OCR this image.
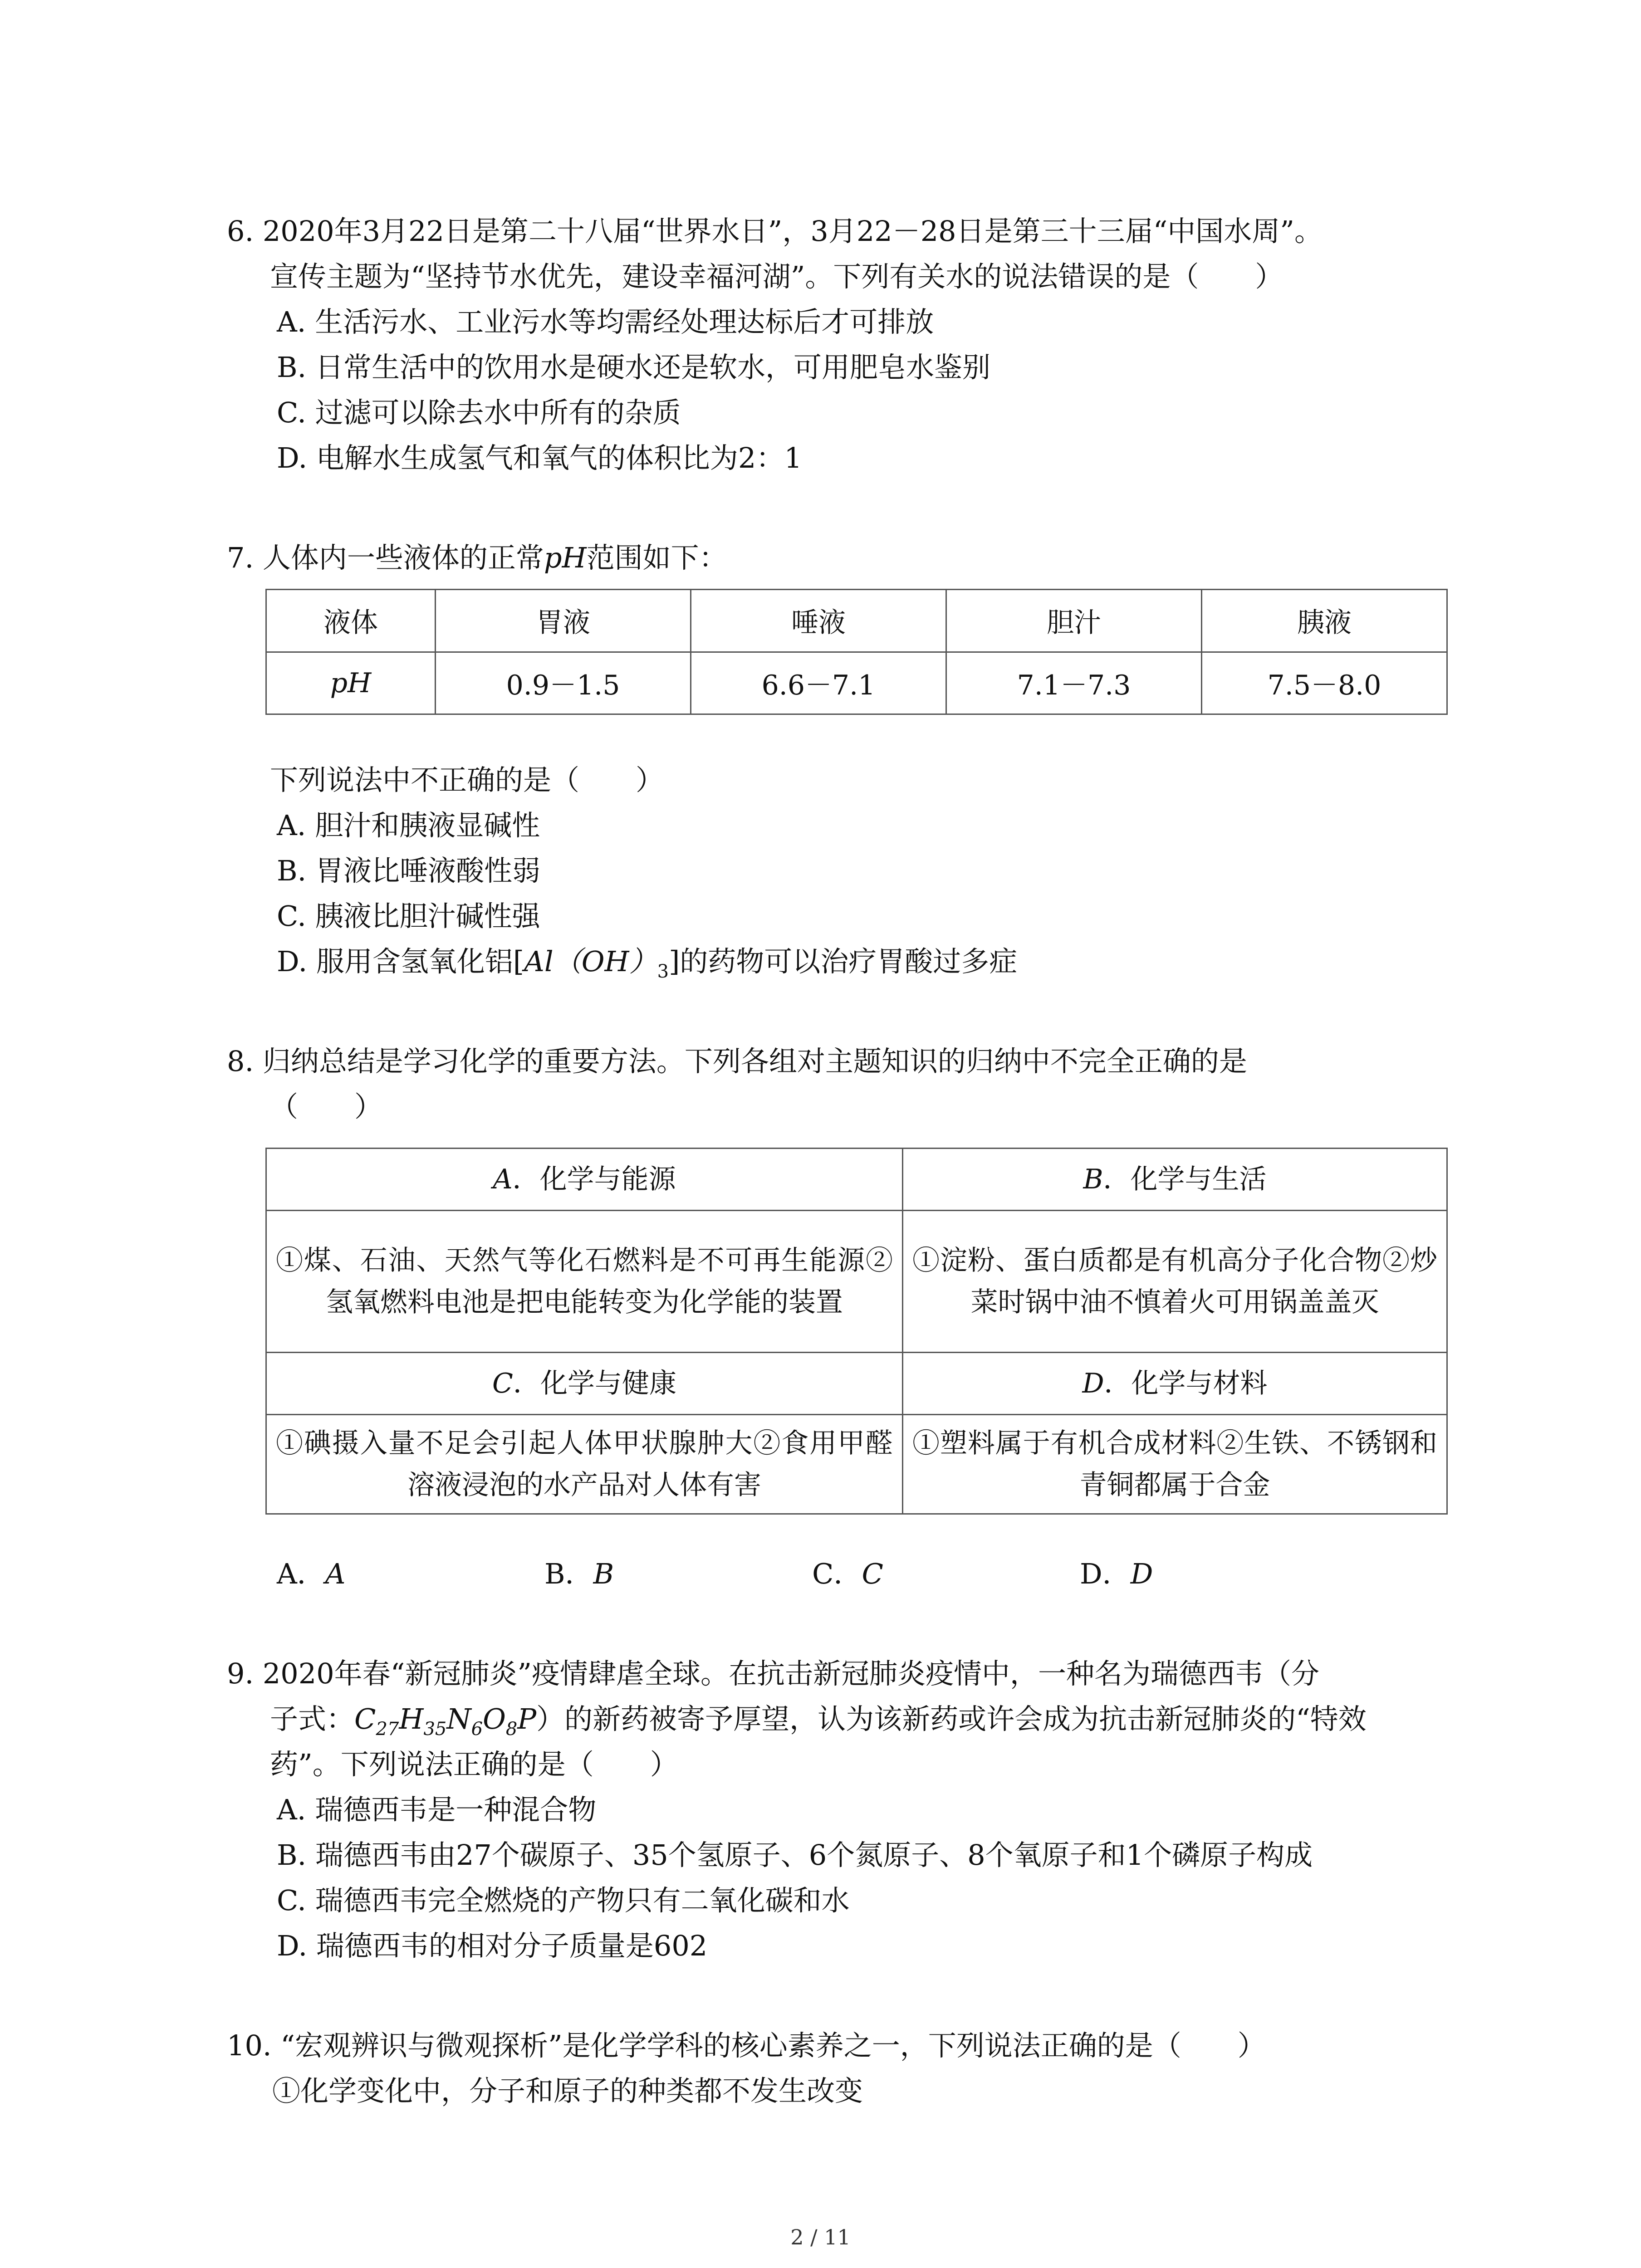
6. 2020年3月22日是第二十八届“世界水日”，3月22－28日是第三十三届“中国水周”。
宣传主题为“坚持节水优先，建设幸福河湖”。下列有关水的说法错误的是（　　）
A. 生活污水、工业污水等均需经处理达标后才可排放
B. 日常生活中的饮用水是硬水还是软水，可用肥皂水鉴别
C. 过滤可以除去水中所有的杂质
D. 电解水生成氢气和氧气的体积比为2：1
7. 人体内一些液体的正常pH范围如下：
液体	胃液	唾液	胆汁	胰液
pH	0.9－1.5	6.6－7.1	7.1－7.3	7.5－8.0
下列说法中不正确的是（　　）
A. 胆汁和胰液显碱性
B. 胃液比唾液酸性弱
C. 胰液比胆汁碱性强
D. 服用含氢氧化铝$[Al(OH)_3]$的药物可以治疗胃酸过多症
8. 归纳总结是学习化学的重要方法。下列各组对主题知识的归纳中不完全正确的是
（　　）
A．化学与能源	B．化学与生活
①煤、石油、天然气等化石燃料是不可再生能源②氢氧燃料电池是把电能转变为化学能的装置	①淀粉、蛋白质都是有机高分子化合物②炒菜时锅中油不慎着火可用锅盖盖灭
C．化学与健康	D．化学与材料
①碘摄入量不足会引起人体甲状腺肿大②食用甲醛溶液浸泡的水产品对人体有害	①塑料属于有机合成材料②生铁、不锈钢和青铜都属于合金
A．A	B．B	C．C	D．D
9. 2020年春“新冠肺炎”疫情肆虐全球。在抗击新冠肺炎疫情中，一种名为瑞德西韦（分
子式：$C_{27}H_{35}N_6O_8P$）的新药被寄予厚望，认为该新药或许会成为抗击新冠肺炎的“特效
药”。下列说法正确的是（　　）
A. 瑞德西韦是一种混合物
B. 瑞德西韦由27个碳原子、35个氢原子、6个氮原子、8个氧原子和1个磷原子构成
C. 瑞德西韦完全燃烧的产物只有二氧化碳和水
D. 瑞德西韦的相对分子质量是602
10. “宏观辨识与微观探析”是化学学科的核心素养之一，下列说法正确的是（　　）
①化学变化中，分子和原子的种类都不发生改变
2 / 11
